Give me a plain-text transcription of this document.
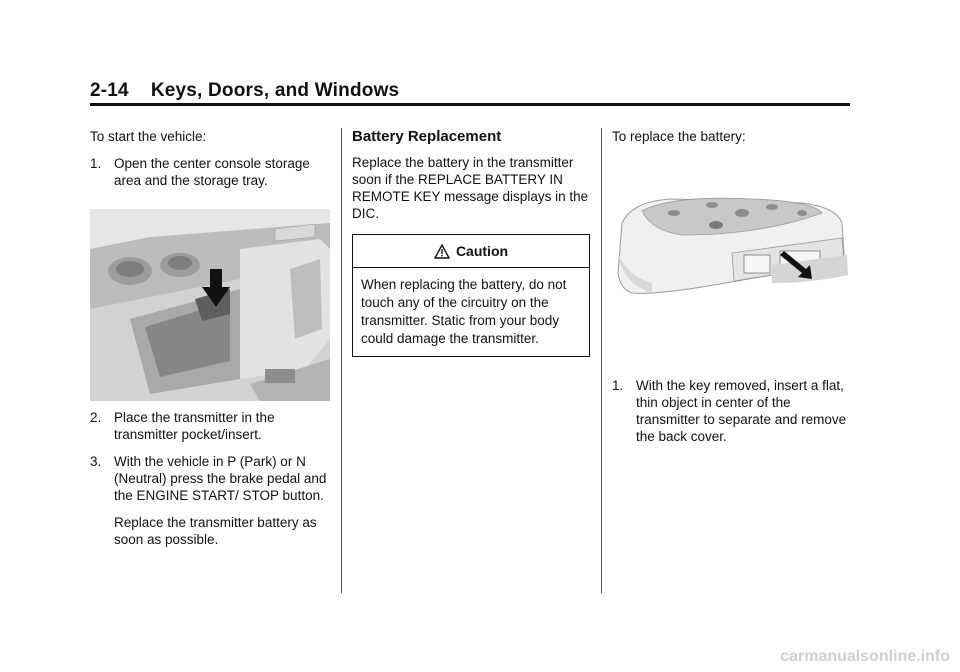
2-14 Keys, Doors, and Windows

To start the vehicle:

1. Open the center console storage area and the storage tray.
2. Place the transmitter in the transmitter pocket/insert.
3. With the vehicle in P (Park) or N (Neutral) press the brake pedal and the ENGINE START/ STOP button.

Replace the transmitter battery as soon as possible.

Battery Replacement

Replace the battery in the transmitter soon if the REPLACE BATTERY IN REMOTE KEY message displays in the DIC.

Caution
When replacing the battery, do not touch any of the circuitry on the transmitter. Static from your body could damage the transmitter.

To replace the battery:

1. With the key removed, insert a flat, thin object in center of the transmitter to separate and remove the back cover.
carmanualsonline.info
